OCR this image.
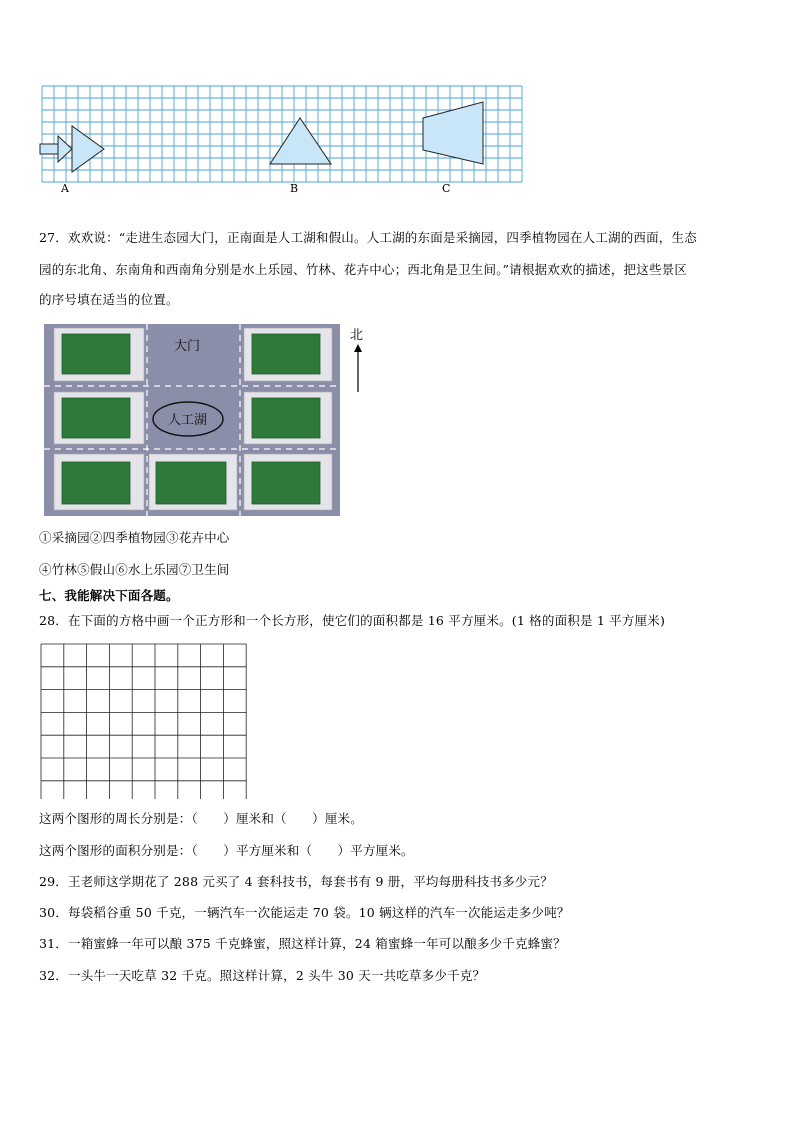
A	B	C
27．欢欢说：“走进生态园大门，正南面是人工湖和假山。人工湖的东面是采摘园，四季植物园在人工湖的西面，生态
园的东北角、东南角和西南角分别是水上乐园、竹林、花卉中心；西北角是卫生间。”请根据欢欢的描述，把这些景区
的序号填在适当的位置。
大门
人工湖
北
①采摘园②四季植物园③花卉中心
④竹林⑤假山⑥水上乐园⑦卫生间
七、我能解决下面各题。
28．在下面的方格中画一个正方形和一个长方形，使它们的面积都是 16 平方厘米。(1 格的面积是 1 平方厘米)
这两个图形的周长分别是：（　　）厘米和（　　）厘米。
这两个图形的面积分别是：（　　）平方厘米和（　　）平方厘米。
29．王老师这学期花了 288 元买了 4 套科技书，每套书有 9 册，平均每册科技书多少元？
30．每袋稻谷重 50 千克，一辆汽车一次能运走 70 袋。10 辆这样的汽车一次能运走多少吨？
31．一箱蜜蜂一年可以酿 375 千克蜂蜜，照这样计算，24 箱蜜蜂一年可以酿多少千克蜂蜜？
32．一头牛一天吃草 32 千克。照这样计算，2 头牛 30 天一共吃草多少千克？
